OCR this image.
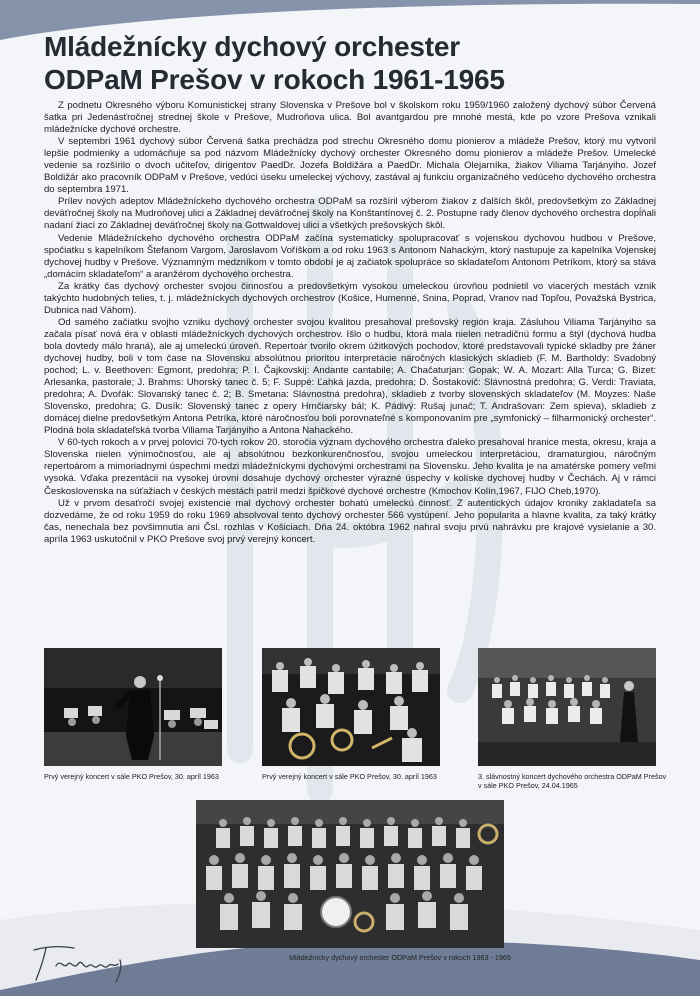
Mládežnícky dychový orchester
ODPaM Prešov v rokoch 1961-1965

Z podnetu Okresného výboru Komunistickej strany Slovenska v Prešove bol v školskom roku 1959/1960 založený dychový súbor Červená šatka pri Jedenásťročnej strednej škole v Prešove, Mudroňova ulica. Bol avantgardou pre mnohé mestá, kde po vzore Prešova vznikali mládežnícke dychové orchestre.

V septembri 1961 dychový súbor Červená šatka prechádza pod strechu Okresného domu pionierov a mládeže Prešov, ktorý mu vytvoril lepšie podmienky a udomácňuje sa pod názvom Mládežnícky dychový orchester Okresného domu pionierov a mládeže Prešov. Umelecké vedenie sa rozšírilo o dvoch učiteľov, dirigentov PaedDr. Jozefa Boldižára a PaedDr. Michala Olejarníka, žiakov Viliama Tarjányiho. Jozef Boldižár ako pracovník ODPaM v Prešove, vedúci úseku umeleckej výchovy, zastával aj funkciu organizačného vedúceho dychového orchestra do septembra 1971.

Prílev nových adeptov Mládežníckeho dychového orchestra ODPaM sa rozšíril výberom žiakov z ďalších škôl, predovšetkým zo Základnej deväťročnej školy na Mudroňovej ulici a Základnej deväťročnej školy na Konštantínovej č. 2. Postupne rady členov dychového orchestra dopĺňali nadaní žiaci zo Základnej deväťročnej školy na Gottwaldovej ulici a všetkých prešovských škôl.

Vedenie Mládežníckeho dychového orchestra ODPaM začína systematicky spolupracovať s vojenskou dychovou hudbou v Prešove, spočiatku s kapelníkom Štefanom Vargom, Jaroslavom Voříškom a od roku 1963 s Antonom Nahackým, ktorý nastupuje za kapelníka Vojenskej dychovej hudby v Prešove. Významným medzníkom v tomto období je aj začiatok spolupráce so skladateľom Antonom Petríkom, ktorý sa stáva „domácim skladateľom“ a aranžérom dychového orchestra.

Za krátky čas dychový orchester svojou činnosťou a predovšetkým vysokou umeleckou úrovňou podnietil vo viacerých mestách vznik takýchto hudobných telies, t. j. mládežníckych dychových orchestrov (Košice, Humenné, Snina, Poprad, Vranov nad Topľou, Považská Bystrica, Dubnica nad Váhom).

Od samého začiatku svojho vzniku dychový orchester svojou kvalitou presahoval prešovský región kraja. Zásluhou Viliama Tarjányiho sa začala písať nová éra v oblasti mládežníckych dychových orchestrov. Išlo o hudbu, ktorá mala nielen netradičnú formu a štýl (dychová hudba bola dovtedy málo hraná), ale aj umeleckú úroveň. Repertoár tvorilo okrem úžitkových pochodov, ktoré predstavovali typické skladby pre žáner dychovej hudby, boli v tom čase na Slovensku absolútnou prioritou interpretácie náročných klasických skladieb (F. M. Bartholdy: Svadobný pochod; L. v. Beethoven: Egmont, predohra; P. I. Čajkovskij: Andante cantabile; A. Chačaturjan: Gopak; W. A. Mozart: Alla Turca; G. Bizet: Arlesanka, pastorale; J. Brahms: Uhorský tanec č. 5; F. Suppé: Ľahká jazda, predohra; D. Šostakovič: Slávnostná predohra; G. Verdi: Traviata, predohra; A. Dvořák: Slovanský tanec č. 2; B. Smetana: Slávnostná predohra), skladieb z tvorby slovenských skladateľov (M. Moyzes: Naše Slovensko, predohra; G. Dusík: Slovenský tanec z opery Hrnčiarsky bál; K. Pádivý: Rušaj junač; T. Andrašovan: Zem spieva), skladieb z domácej dielne predovšetkým Antona Petríka, ktoré náročnosťou boli porovnateľné s komponovaním pre „symfonický – filharmonický orchester“. Plodná bola skladateľská tvorba Viliama Tarjányiho a Antona Nahackého.

V 60-tych rokoch a v prvej polovici 70-tych rokov 20. storočia význam dychového orchestra ďaleko presahoval hranice mesta, okresu, kraja a Slovenska nielen výnimočnosťou, ale aj absolútnou bezkonkurenčnosťou, svojou umeleckou interpretáciou, dramaturgiou, náročným repertoárom a mimoriadnymi úspechmi medzi mládežníckymi dychovými orchestrami na Slovensku. Jeho kvalita je na amatérske pomery veľmi vysoká. Vďaka prezentácii na vysokej úrovni dosahuje dychový orchester výrazné úspechy v kolíske dychovej hudby v Čechách. Aj v rámci Československa na súťažiach v českých mestách patril medzi špičkové dychové orchestre (Kmochov Kolín,1967, FIJO Cheb,1970).

Už v prvom desaťročí svojej existencie mal dychový orchester bohatú umeleckú činnosť. Z autentických údajov kroniky zakladateľa sa dozvedáme, že od roku 1959 do roku 1969 absolvoval tento dychový orchester 566 vystúpení. Jeho popularita a hlavne kvalita, za taký krátky čas, nenechala bez povšimnutia ani Čsl. rozhlas v Košiciach. Dňa 24. októbra 1962 nahral svoju prvú nahrávku pre krajové vysielanie a 30. apríla 1963 uskutočnil v PKO Prešove svoj prvý verejný koncert.

Prvý verejný koncert v sále PKO Prešov, 30. apríl 1963	Prvý verejný koncert v sále PKO Prešov, 30. apríl 1963	3. slávnostný koncert dychového orchestra ODPaM Prešov
v sále PKO Prešov, 24.04.1965
Mládežnícky dychový orchester ODPaM Prešov v rokoch 1963 - 1965
